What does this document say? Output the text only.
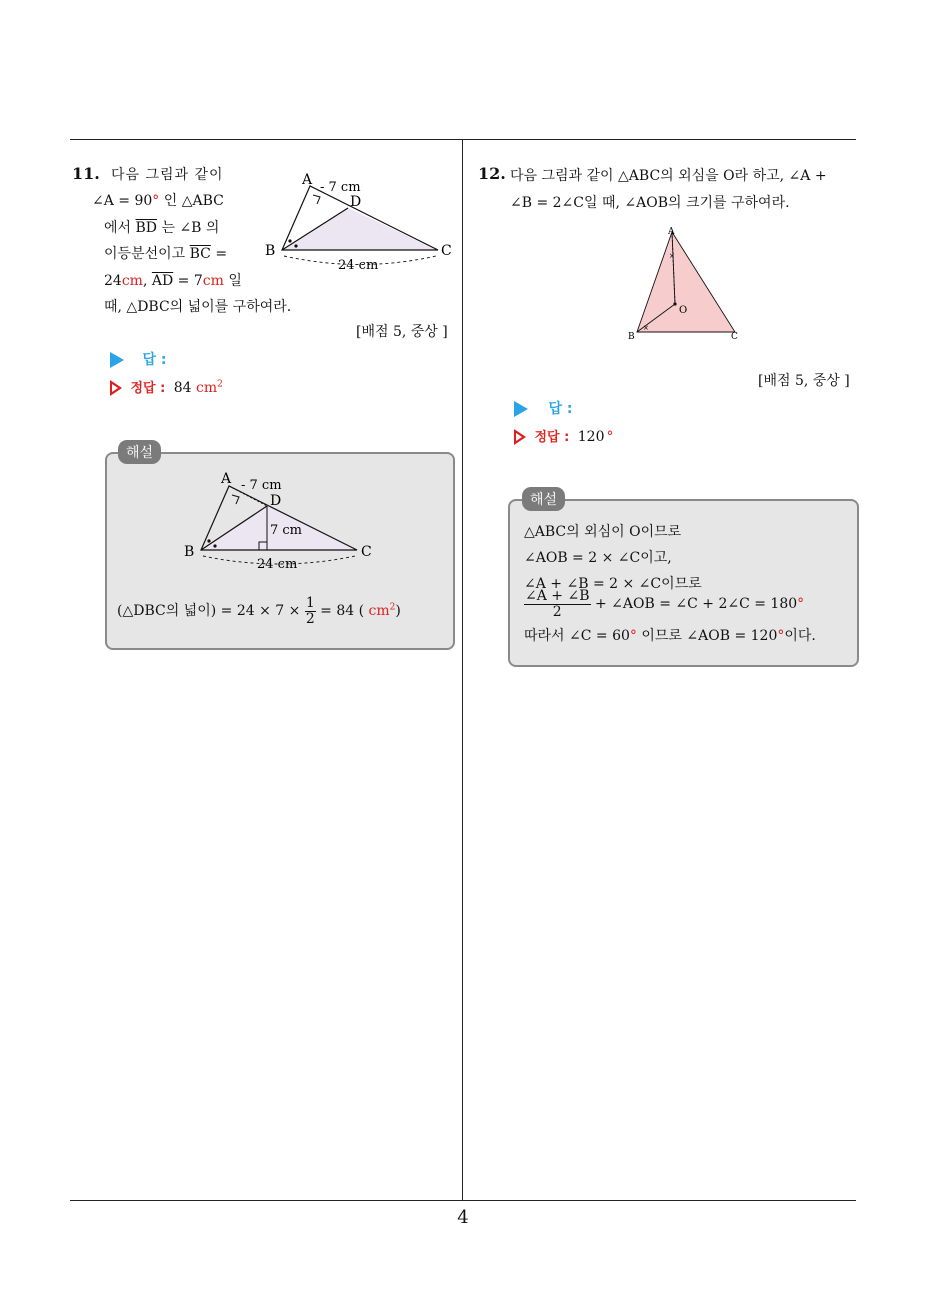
4
11. 다음 그림과 같이
∠A = 90° 인 △ABC
에서 $\overline{BD}$ 는 ∠B 의
이등분선이고 $\overline{BC}$ =
24cm, $\overline{AD} = 7cm$ 일
때, △DBC의 넓이를 구하여라.
A
D
B	C
- 7 cm
24 cm
[배점 5, 중상 ]
답 :
정답 : 84 $cm^2$
A
D
B	C
- 7 cm
7 cm
24 cm
(△DBC의 넓이) = $24 \times 7 \times \frac{1}{2} = 84$ ( $cm^2$)
해설
12. 다음 그림과 같이 △ABC의 외심을 O라 하고, ∠A +
∠B = 2∠C일 때, ∠AOB의 크기를 구하여라.
A
B	C
O
×
×
[배점 5, 중상 ]
답 :
정답 : 120 °
△ABC의 외심이 O이므로
∠AOB = 2 × ∠C이고,
∠A + ∠B = 2 × ∠C이므로
$\frac{\angle A + \angle B}{2}$ + ∠AOB = ∠C + 2∠C = 180°
따라서 ∠C = 60° 이므로 ∠AOB = 120°이다.
해설
